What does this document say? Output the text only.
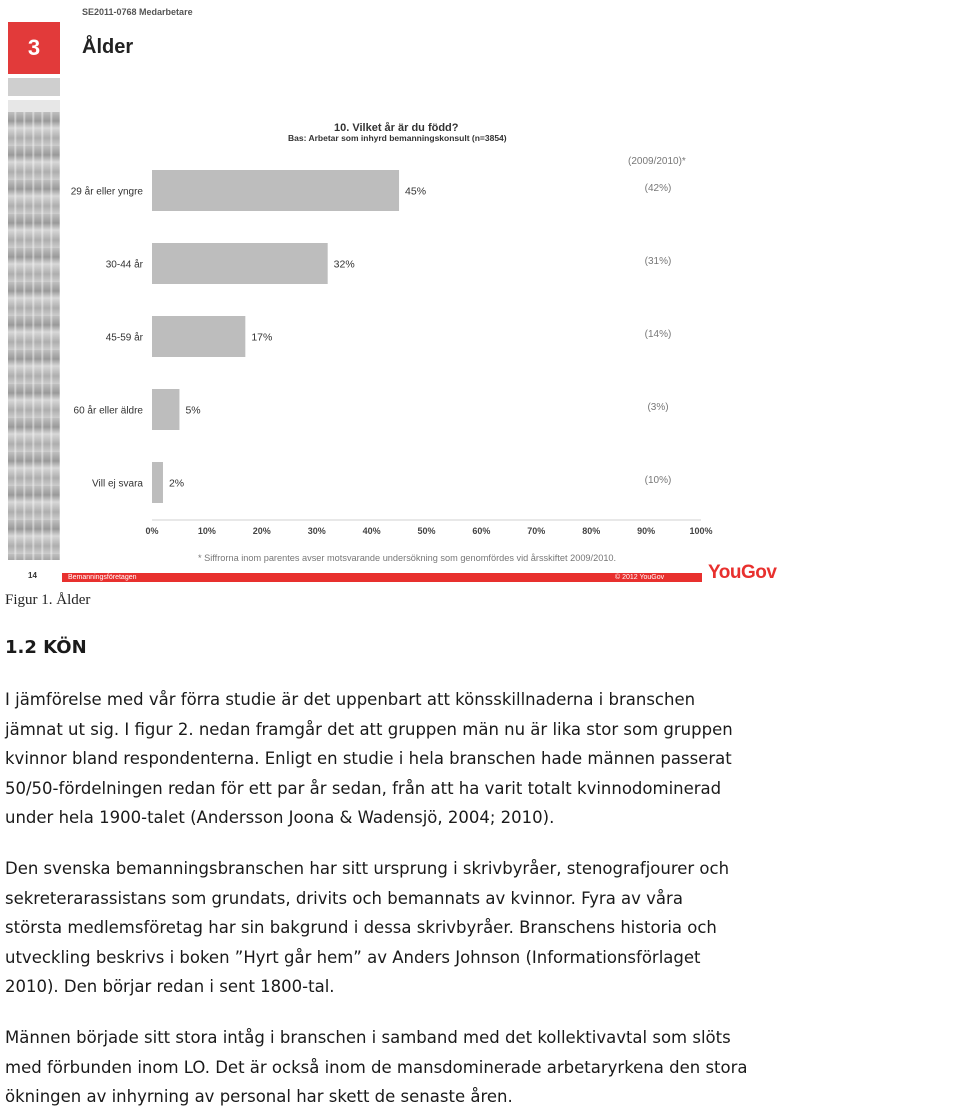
SE2011-0768 Medarbetare
3	Ålder
10. Vilket år är du född?
Bas: Arbetar som inhyrd bemanningskonsult (n=3854)
(2009/2010)*
29 år eller yngre	45%	(42%)
30-44 år	32%	(31%)
45-59 år	17%	(14%)
60 år eller äldre	5%	(3%)
Vill ej svara 2%	(10%)
0%	10%	20%	30%	40%	50%	60%	70%	80%	90%	100%
* Siffrorna inom parentes avser motsvarande undersökning som genomfördes vid årsskiftet 2009/2010.
14	Bemanningsföretagen	© 2012 YouGov YouGov
Figur 1. Ålder
1.2 KÖN

I jämförelse med vår förra studie är det uppenbart att könsskillnaderna i branschen
jämnat ut sig. I figur 2. nedan framgår det att gruppen män nu är lika stor som gruppen
kvinnor bland respondenterna. Enligt en studie i hela branschen hade männen passerat
50/50-fördelningen redan för ett par år sedan, från att ha varit totalt kvinnodominerad
under hela 1900-talet (Andersson Joona & Wadensjö, 2004; 2010).

Den svenska bemanningsbranschen har sitt ursprung i skrivbyråer, stenografjourer och
sekreterarassistans som grundats, drivits och bemannats av kvinnor. Fyra av våra
största medlemsföretag har sin bakgrund i dessa skrivbyråer. Branschens historia och
utveckling beskrivs i boken ”Hyrt går hem” av Anders Johnson (Informationsförlaget
2010). Den börjar redan i sent 1800-tal.

Männen började sitt stora intåg i branschen i samband med det kollektivavtal som slöts
med förbunden inom LO. Det är också inom de mansdominerade arbetaryrkena den stora
ökningen av inhyrning av personal har skett de senaste åren.
